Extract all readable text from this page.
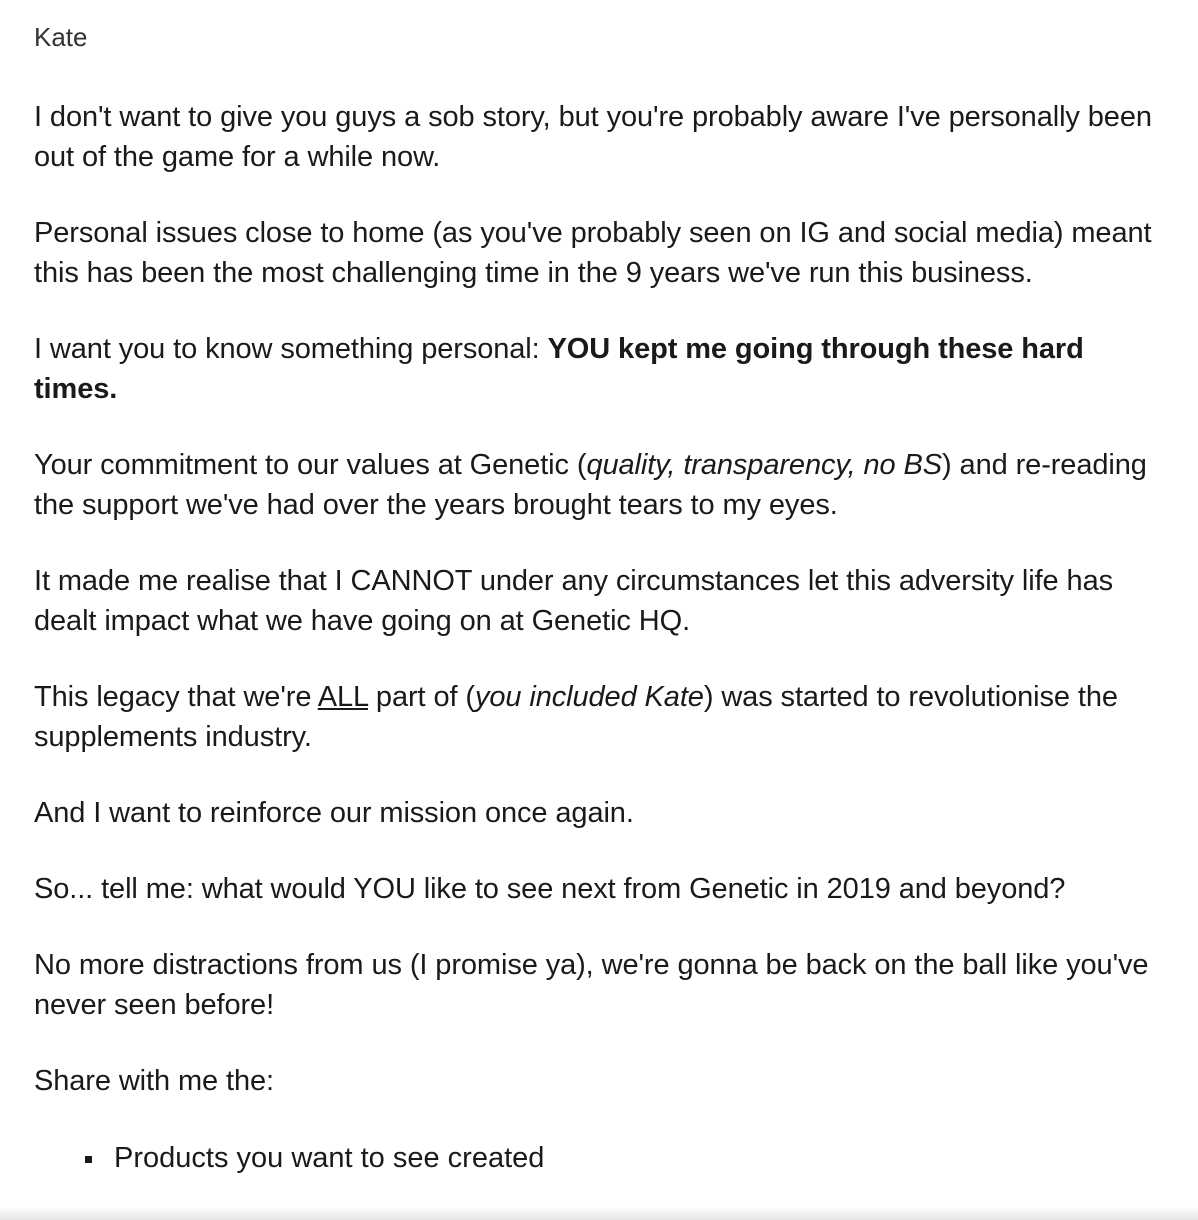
Kate

I don't want to give you guys a sob story, but you're probably aware I've personally been out of the game for a while now.

Personal issues close to home (as you've probably seen on IG and social media) meant this has been the most challenging time in the 9 years we've run this business.

I want you to know something personal: YOU kept me going through these hard times.

Your commitment to our values at Genetic (quality, transparency, no BS) and re-reading the support we've had over the years brought tears to my eyes.

It made me realise that I CANNOT under any circumstances let this adversity life has dealt impact what we have going on at Genetic HQ.

This legacy that we're ALL part of (you included Kate) was started to revolutionise the supplements industry.

And I want to reinforce our mission once again.

So... tell me: what would YOU like to see next from Genetic in 2019 and beyond?

No more distractions from us (I promise ya), we're gonna be back on the ball like you've never seen before!

Share with me the:

Products you want to see created
